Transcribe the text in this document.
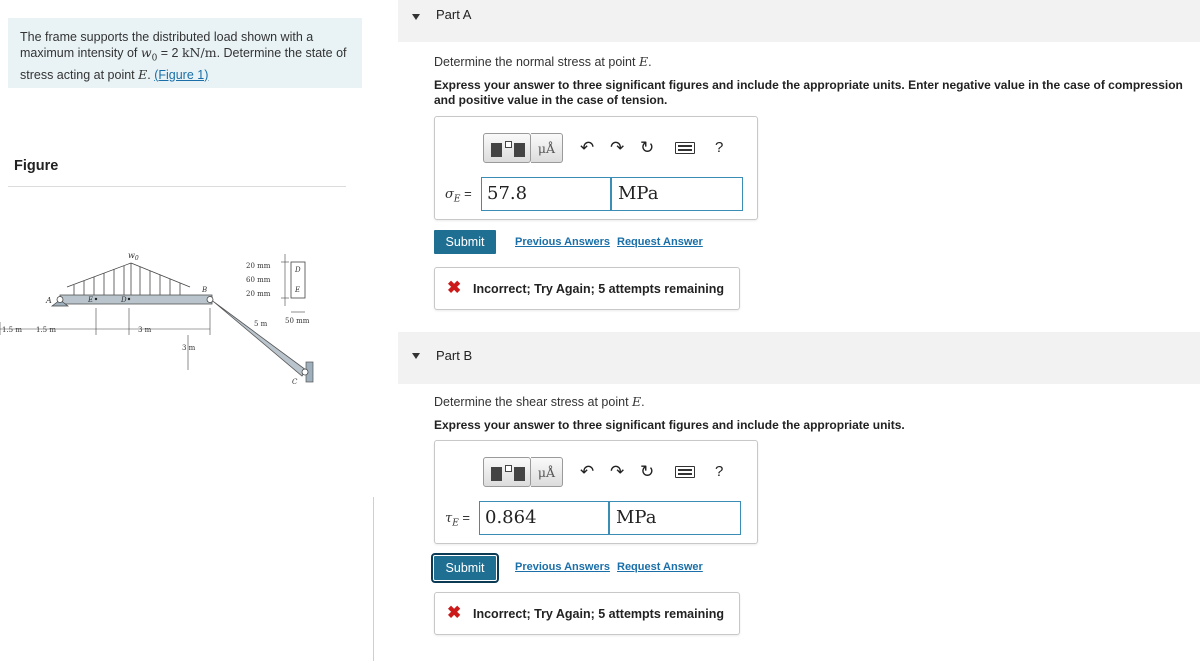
The frame supports the distributed load shown with a maximum intensity of $w_0 = 2$ kN/m. Determine the state of stress acting at point E. (Figure 1)
Figure
$w_0$
A	E	D
B
C
1.5 m 1.5 m	3 m
3 m
5 m
20 mm
60 mm
20 mm
50 mm
D
E
Part A
Determine the normal stress at point E.
Express your answer to three significant figures and include the appropriate units. Enter negative value in the case of compression and positive value in the case of tension.
μÅ	↶ ↷ ↻	?
$\sigma_E = 57.8$	MPa
Submit	Previous Answers Request Answer
✖ Incorrect; Try Again; 5 attempts remaining
Part B
Determine the shear stress at point E.
Express your answer to three significant figures and include the appropriate units.
μÅ	↶ ↷ ↻	?
$\tau_E = 0.864$	MPa
Submit	Previous Answers Request Answer
✖ Incorrect; Try Again; 5 attempts remaining
